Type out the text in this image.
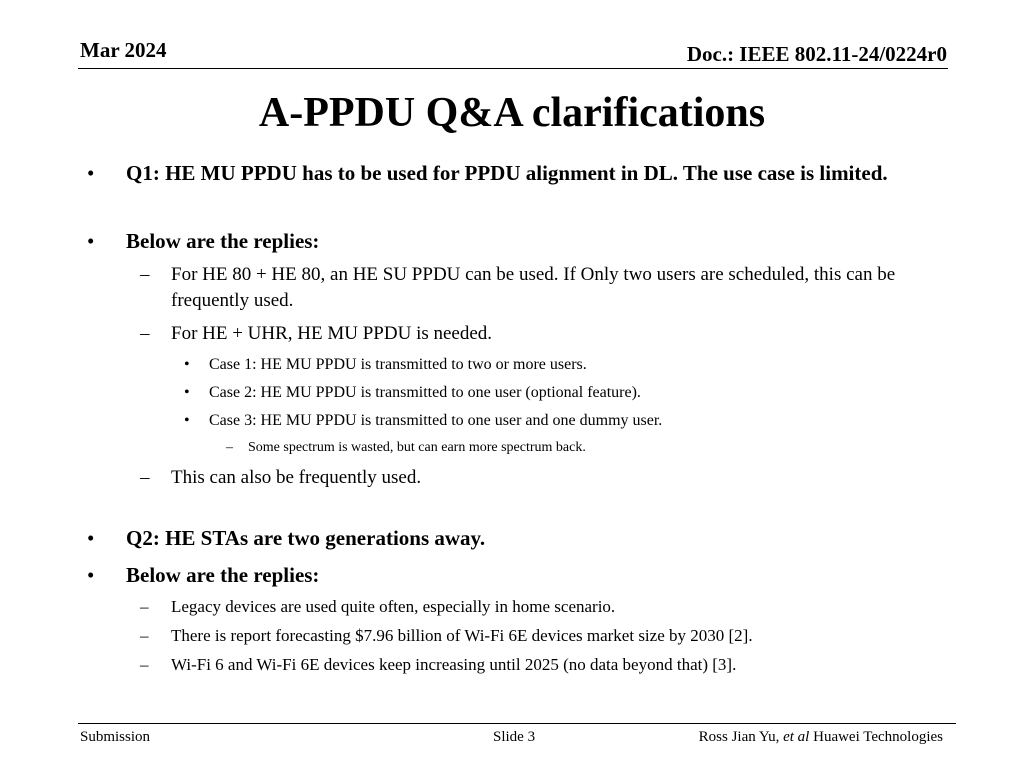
Mar 2024	Doc.: IEEE 802.11-24/0224r0
A-PPDU Q&A clarifications
• Q1: HE MU PPDU has to be used for PPDU alignment in DL. The use case is limited.
• Below are the replies:
– For HE 80 + HE 80, an HE SU PPDU can be used. If Only two users are scheduled, this can be frequently used.
– For HE + UHR, HE MU PPDU is needed.
• Case 1: HE MU PPDU is transmitted to two or more users.
• Case 2: HE MU PPDU is transmitted to one user (optional feature).
• Case 3: HE MU PPDU is transmitted to one user and one dummy user.
– Some spectrum is wasted, but can earn more spectrum back.
– This can also be frequently used.
• Q2: HE STAs are two generations away.
• Below are the replies:
– Legacy devices are used quite often, especially in home scenario.
– There is report forecasting $7.96 billion of Wi-Fi 6E devices market size by 2030 [2].
– Wi-Fi 6 and Wi-Fi 6E devices keep increasing until 2025 (no data beyond that) [3].
Submission	Slide 3	Ross Jian Yu, et al Huawei Technologies
